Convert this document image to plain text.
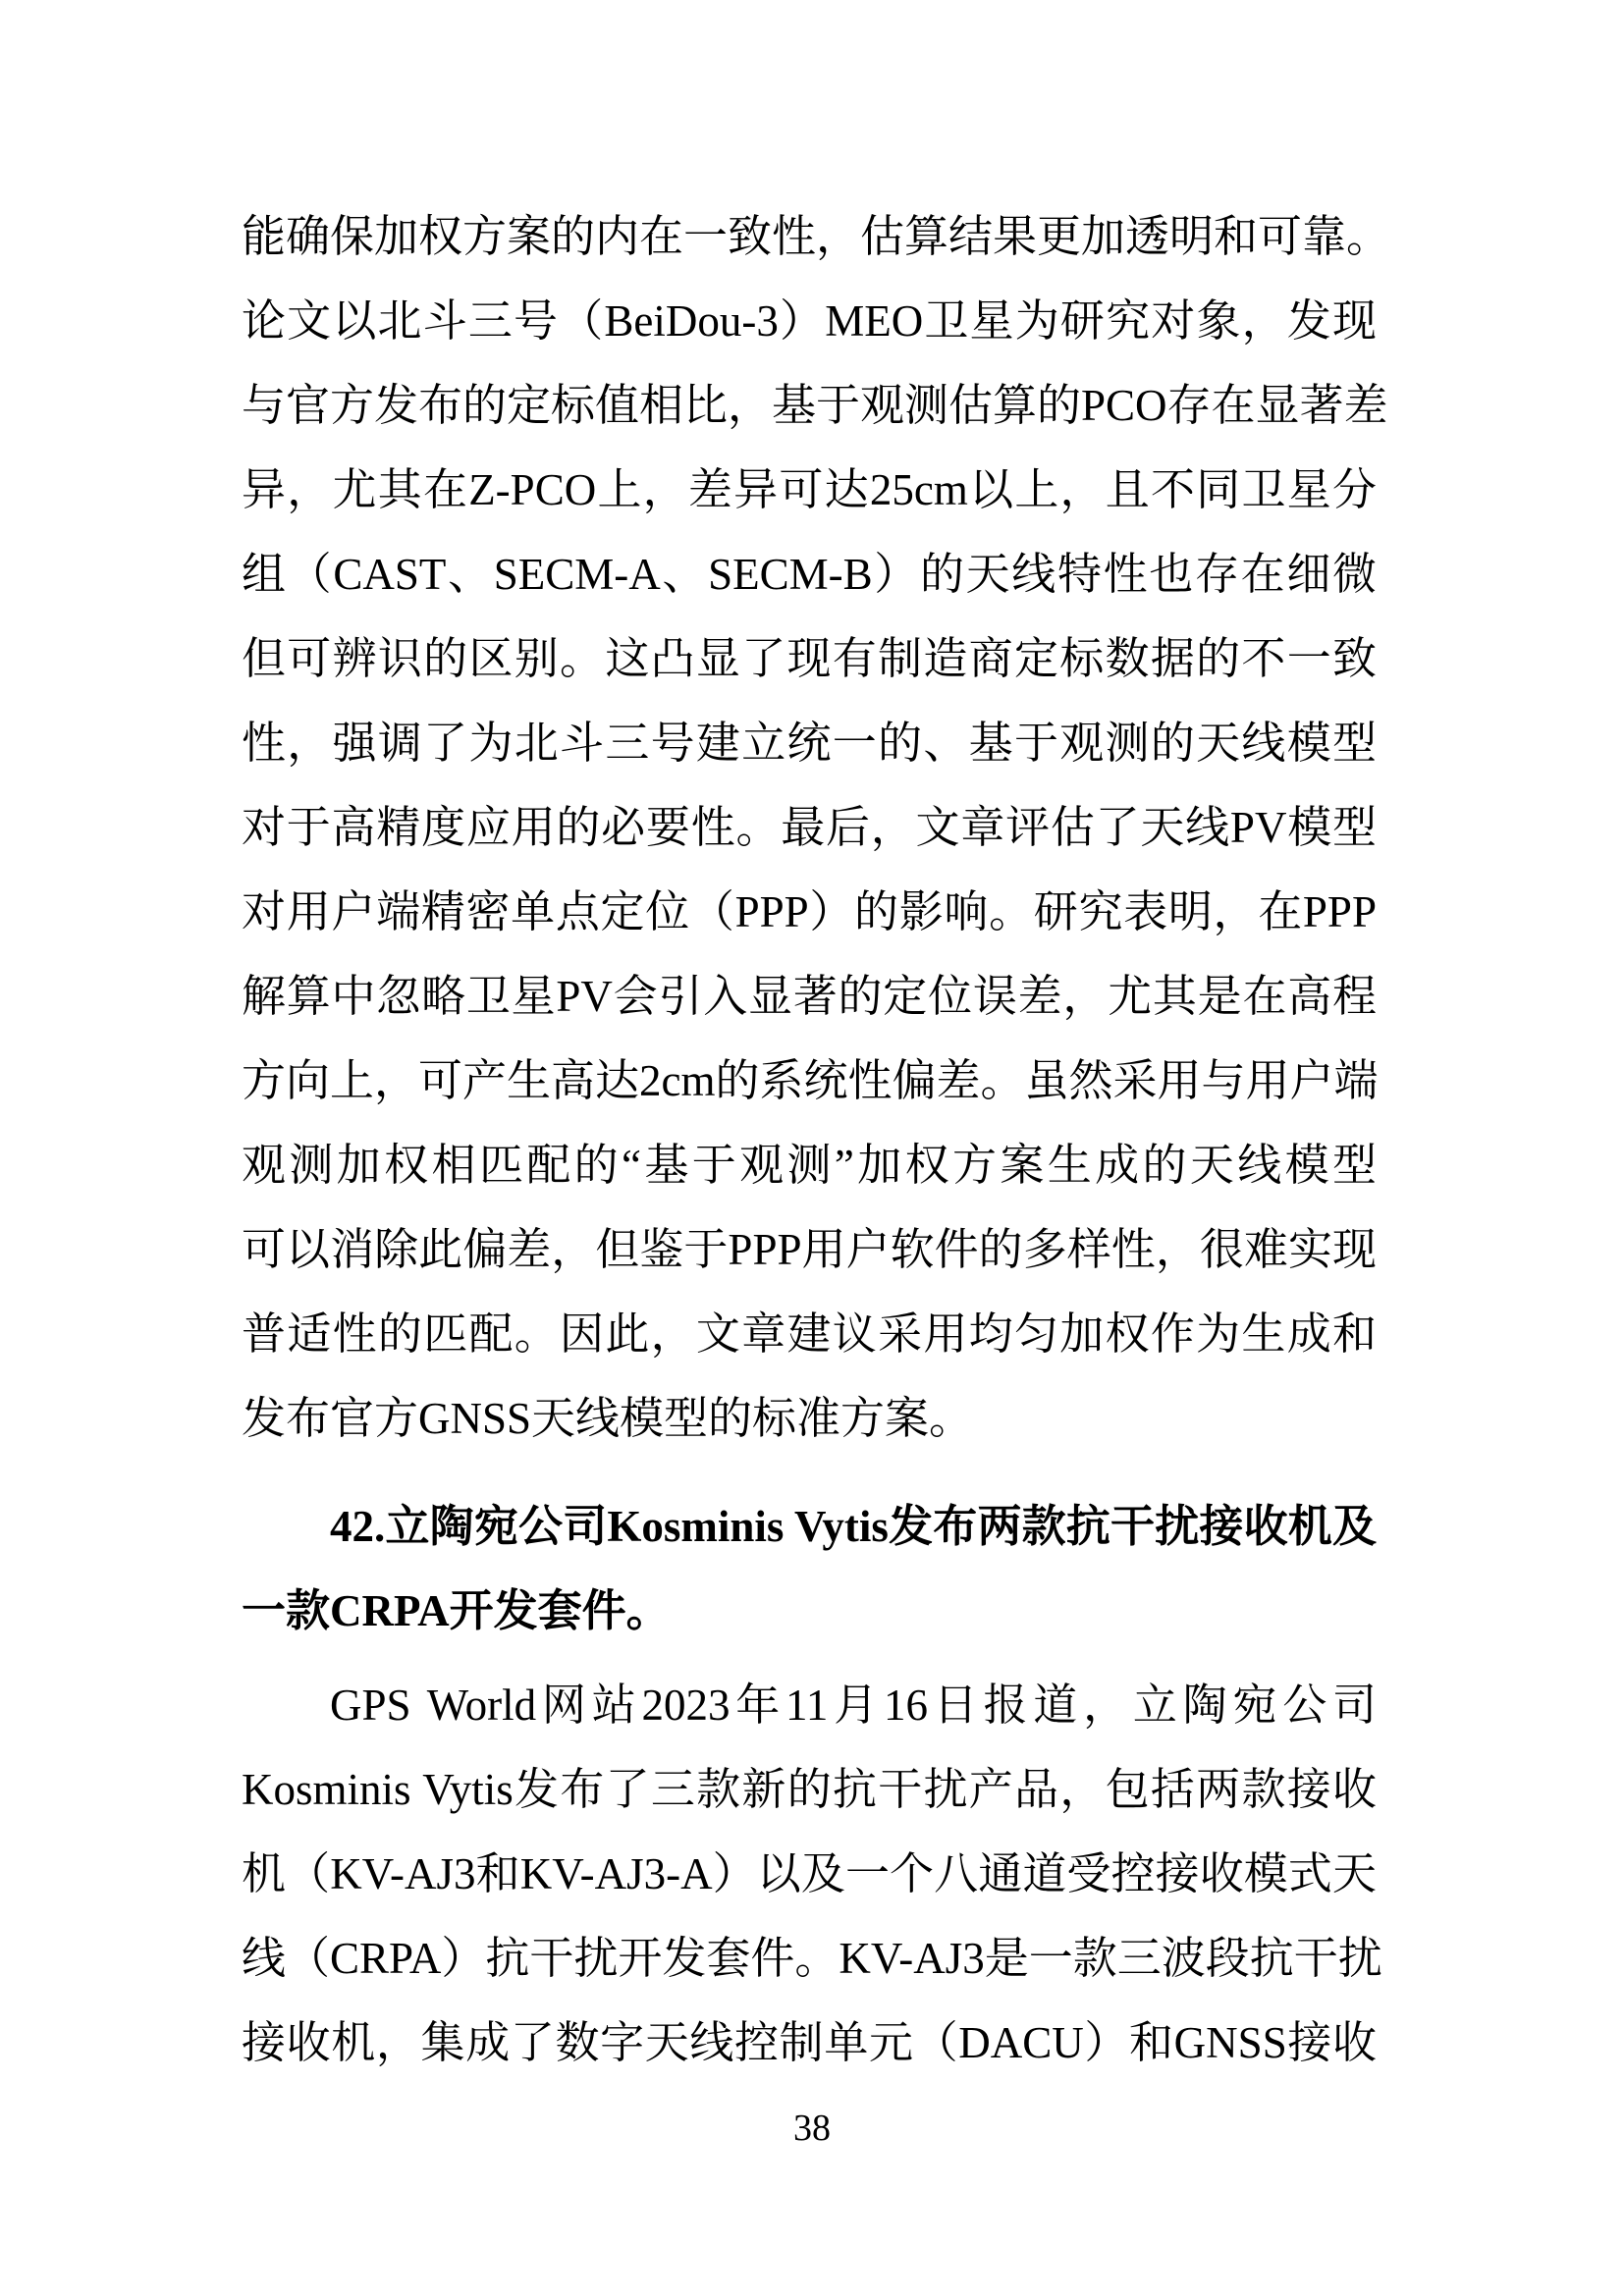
能确保加权方案的内在一致性，估算结果更加透明和可靠。
论文以北斗三号（BeiDou-3）MEO卫星为研究对象，发现
与官方发布的定标值相比，基于观测估算的PCO存在显著差
异，尤其在Z-PCO上，差异可达25cm以上，且不同卫星分
组（CAST、SECM-A、SECM-B）的天线特性也存在细微
但可辨识的区别。这凸显了现有制造商定标数据的不一致
性，强调了为北斗三号建立统一的、基于观测的天线模型
对于高精度应用的必要性。最后，文章评估了天线PV模型
对用户端精密单点定位（PPP）的影响。研究表明，在PPP
解算中忽略卫星PV会引入显著的定位误差，尤其是在高程
方向上，可产生高达2cm的系统性偏差。虽然采用与用户端
观测加权相匹配的“基于观测”加权方案生成的天线模型
可以消除此偏差，但鉴于PPP用户软件的多样性，很难实现
普适性的匹配。因此，文章建议采用均匀加权作为生成和
发布官方GNSS天线模型的标准方案。
42.立陶宛公司Kosminis Vytis发布两款抗干扰接收机及
一款CRPA开发套件。
GPS World网站2023年11月16日报道，立陶宛公司
Kosminis Vytis发布了三款新的抗干扰产品，包括两款接收
机（KV-AJ3和KV-AJ3-A）以及一个八通道受控接收模式天
线（CRPA）抗干扰开发套件。KV-AJ3是一款三波段抗干扰
接收机，集成了数字天线控制单元（DACU）和GNSS接收
38
